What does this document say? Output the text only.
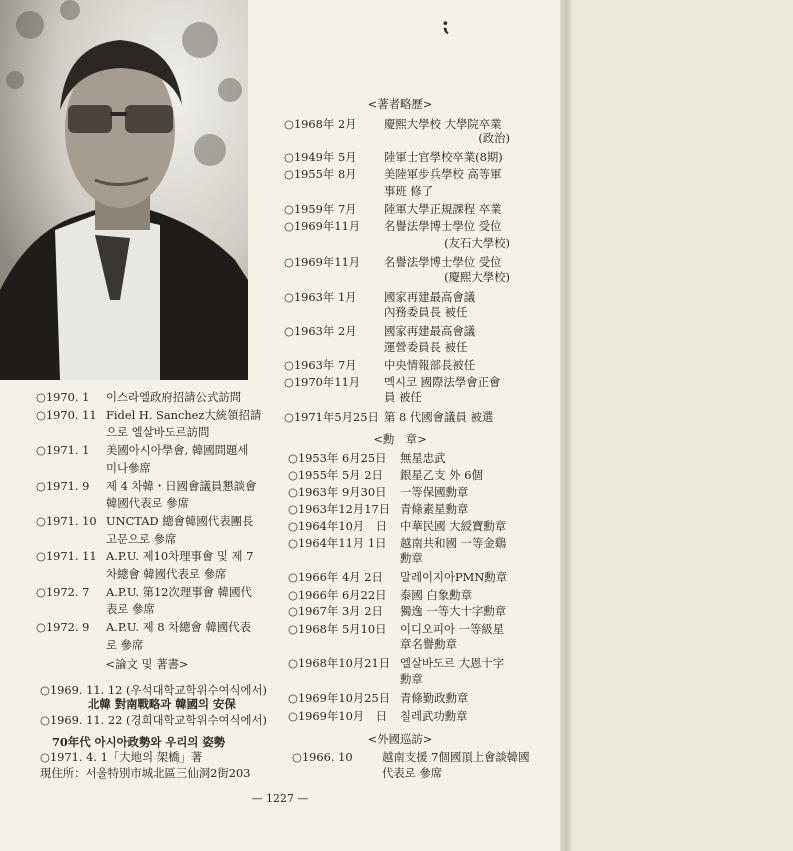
⁏
○1970. 1 이스라엘政府招請公式訪問
○1970. 11 Fidel H. Sanchez大統領招請
으로 엘살바도르訪問
○1971. 1 美國아시아學會, 韓國問題세
미나參席
○1971. 9 제 4 차韓・日國會議員懇談會
韓國代表로 參席
○1971. 10 UNCTAD 總會韓國代表團長
고문으로 參席
○1971. 11 A.P.U. 제10차理事會 및 제 7
차總會 韓國代表로 參席
○1972. 7 A.P.U. 第12次理事會 韓國代
表로 參席
○1972. 9 A.P.U. 제 8 차總會 韓國代表
로 參席
<論文 및 著書>
○1969. 11. 12 (우석대학교학위수여식에서)
北韓 對南戰略과 韓國의 安保
○1969. 11. 22 (경희대학교학위수여식에서)
70年代 아시아政勢와 우리의 姿勢
○1971. 4. 1「大地의 架橋」著
現住所：서울特別市城北區三仙洞2街203
<著者略歷>
○1968年 2月 慶熙大學校 大學院卒業
(政治)
○1949年 5月 陸軍士官學校卒業(8期)
○1955年 8月 美陸軍步兵學校 高等軍
事班 修了
○1959年 7月 陸軍大學正規課程 卒業
○1969年11月 名譽法學博士學位 受位
(友石大學校)
○1969年11月 名譽法學博士學位 受位
(慶熙大學校)
○1963年 1月 國家再建最高會議
內務委員長 被任
○1963年 2月 國家再建最高會議
運營委員長 被任
○1963年 7月 中央情報部長被任
○1970年11月 멕시코 國際法學會正會
員 被任
○1971年5月25日 第 8 代國會議員 被選
<勳　章>
○1953年 6月25日 無星忠武
○1955年 5月 2日 銀星乙支 外 6個
○1963年 9月30日 一等保國勳章
○1963年12月17日 青條素星勳章
○1964年10月　日 中華民國 大綬寶勳章
○1964年11月 1日 越南共和國 一等金鷄
勳章
○1966年 4月 2日 말레이지아PMN勳章
○1966年 6月22日 泰國 白象勳章
○1967年 3月 2日 獨逸 一等大十字勳章
○1968年 5月10日 이디오피아 一等級星
章名譽勳章
○1968年10月21日 엘살바도르 大恩十字
勳章
○1969年10月25日 青條勤政勳章
○1969年10月　日 칠레武功勳章
<外國巡訪>
○1966. 10	越南支援 7個國頂上會談韓國
代表로 參席
— 1227 —
